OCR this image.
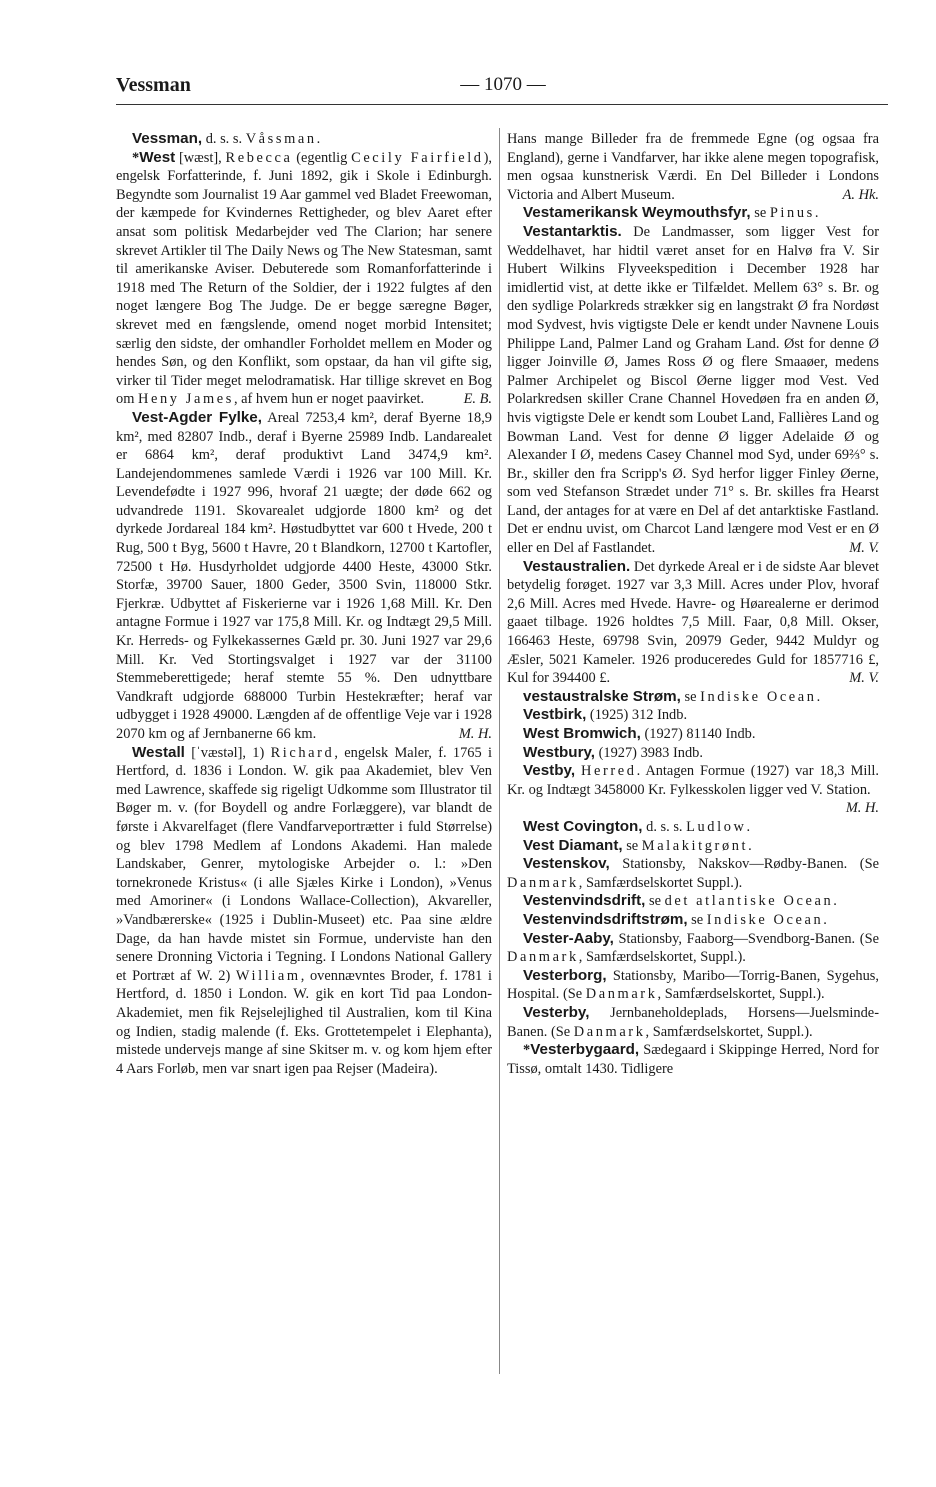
Vessman	— 1070 —

Vessman, d. s. s. Våssman.

*West [wæst], Rebecca (egentlig Cecily Fairfield), engelsk Forfatterinde, f. Juni 1892, gik i Skole i Edinburgh. Begyndte som Journalist 19 Aar gammel ved Bladet Freewoman, der kæmpede for Kvindernes Rettigheder, og blev Aaret efter ansat som politisk Medarbejder ved The Clarion; har senere skrevet Artikler til The Daily News og The New Statesman, samt til amerikanske Aviser. Debuterede som Romanforfatterinde i 1918 med The Return of the Soldier, der i 1922 fulgtes af den noget længere Bog The Judge. De er begge særegne Bøger, skrevet med en fængslende, omend noget morbid Intensitet; særlig den sidste, der omhandler Forholdet mellem en Moder og hendes Søn, og den Konflikt, som opstaar, da han vil gifte sig, virker til Tider meget melodramatisk. Har tillige skrevet en Bog om Heny James, af hvem hun er noget paavirket.	E. B.

Vest-Agder Fylke, Areal 7253,4 km², deraf Byerne 18,9 km², med 82807 Indb., deraf i Byerne 25989 Indb. Landarealet er 6864 km², deraf produktivt Land 3474,9 km². Landejendommenes samlede Værdi i 1926 var 100 Mill. Kr. Levendefødte i 1927 996, hvoraf 21 uægte; der døde 662 og udvandrede 1191. Skovarealet udgjorde 1800 km² og det dyrkede Jordareal 184 km². Høstudbyttet var 600 t Hvede, 200 t Rug, 500 t Byg, 5600 t Havre, 20 t Blandkorn, 12700 t Kartofler, 72500 t Hø. Husdyrholdet udgjorde 4400 Heste, 43000 Stkr. Storfæ, 39700 Sauer, 1800 Geder, 3500 Svin, 118000 Stkr. Fjerkræ. Udbyttet af Fiskerierne var i 1926 1,68 Mill. Kr. Den antagne Formue i 1927 var 175,8 Mill. Kr. og Indtægt 29,5 Mill. Kr. Herreds- og Fylkekassernes Gæld pr. 30. Juni 1927 var 29,6 Mill. Kr. Ved Stortingsvalget i 1927 var der 31100 Stemmeberettigede; heraf stemte 55 %. Den udnyttbare Vandkraft udgjorde 688000 Turbin Hestekræfter; heraf var udbygget i 1928 49000. Længden af de offentlige Veje var i 1928 2070 km og af Jernbanerne 66 km.	M. H.

Westall [ˈvæstəl], 1) Richard, engelsk Maler, f. 1765 i Hertford, d. 1836 i London. W. gik paa Akademiet, blev Ven med Lawrence, skaffede sig rigeligt Udkomme som Illustrator til Bøger m. v. (for Boydell og andre Forlæggere), var blandt de første i Akvarelfaget (flere Vandfarveportrætter i fuld Størrelse) og blev 1798 Medlem af Londons Akademi. Han malede Landskaber, Genrer, mytologiske Arbejder o. l.: »Den tornekronede Kristus« (i alle Sjæles Kirke i London), »Venus med Amoriner« (i Londons Wallace-Collection), Akvareller, »Vandbærerske« (1925 i Dublin-Museet) etc. Paa sine ældre Dage, da han havde mistet sin Formue, underviste han den senere Dronning Victoria i Tegning. I Londons National Gallery et Portræt af W. 2) William, ovennævntes Broder, f. 1781 i Hertford, d. 1850 i London. W. gik en kort Tid paa London-Akademiet, men fik Rejselejlighed til Australien, kom til Kina og Indien, stadig malende (f. Eks. Grottetempelet i Elephanta), mistede undervejs mange af sine Skitser m. v. og kom hjem efter 4 Aars Forløb, men var snart igen paa Rejser (Madeira).

Hans mange Billeder fra de fremmede Egne (og ogsaa fra England), gerne i Vandfarver, har ikke alene megen topografisk, men ogsaa kunstnerisk Værdi. En Del Billeder i Londons Victoria and Albert Museum.	A. Hk.

Vestamerikansk Weymouthsfyr, se Pinus.

Vestantarktis. De Landmasser, som ligger Vest for Weddelhavet, har hidtil været anset for en Halvø fra V. Sir Hubert Wilkins Flyveekspedition i December 1928 har imidlertid vist, at dette ikke er Tilfældet. Mellem 63° s. Br. og den sydlige Polarkreds strækker sig en langstrakt Ø fra Nordøst mod Sydvest, hvis vigtigste Dele er kendt under Navnene Louis Philippe Land, Palmer Land og Graham Land. Øst for denne Ø ligger Joinville Ø, James Ross Ø og flere Smaaøer, medens Palmer Archipelet og Biscol Øerne ligger mod Vest. Ved Polarkredsen skiller Crane Channel Hovedøen fra en anden Ø, hvis vigtigste Dele er kendt som Loubet Land, Fallières Land og Bowman Land. Vest for denne Ø ligger Adelaide Ø og Alexander I Ø, medens Casey Channel mod Syd, under 69⅔° s. Br., skiller den fra Scripp's Ø. Syd herfor ligger Finley Øerne, som ved Stefanson Strædet under 71° s. Br. skilles fra Hearst Land, der antages for at være en Del af det antarktiske Fastland. Det er endnu uvist, om Charcot Land længere mod Vest er en Ø eller en Del af Fastlandet.	M. V.

Vestaustralien. Det dyrkede Areal er i de sidste Aar blevet betydelig forøget. 1927 var 3,3 Mill. Acres under Plov, hvoraf 2,6 Mill. Acres med Hvede. Havre- og Høarealerne er derimod gaaet tilbage. 1926 holdtes 7,5 Mill. Faar, 0,8 Mill. Okser, 166463 Heste, 69798 Svin, 20979 Geder, 9442 Muldyr og Æsler, 5021 Kameler. 1926 produceredes Guld for 1857716 £, Kul for 394400 £.	M. V.

vestaustralske Strøm, se Indiske Ocean.

Vestbirk, (1925) 312 Indb.

West Bromwich, (1927) 81140 Indb.

Westbury, (1927) 3983 Indb.

Vestby, Herred. Antagen Formue (1927) var 18,3 Mill. Kr. og Indtægt 3458000 Kr. Fylkesskolen ligger ved V. Station.
M. H.

West Covington, d. s. s. Ludlow.

Vest Diamant, se Malakitgrønt.

Vestenskov, Stationsby, Nakskov—Rødby-Banen. (Se Danmark, Samfærdselskortet Suppl.).

Vestenvindsdrift, se det atlantiske Ocean.

Vestenvindsdriftstrøm, se Indiske Ocean.

Vester-Aaby, Stationsby, Faaborg—Svendborg-Banen. (Se Danmark, Samfærdselskortet, Suppl.).

Vesterborg, Stationsby, Maribo—Torrig-Banen, Sygehus, Hospital. (Se Danmark, Samfærdselskortet, Suppl.).

Vesterby, Jernbaneholdeplads, Horsens—Juelsminde-Banen. (Se Danmark, Samfærdselskortet, Suppl.).

*Vesterbygaard, Sædegaard i Skippinge Herred, Nord for Tissø, omtalt 1430. Tidligere
